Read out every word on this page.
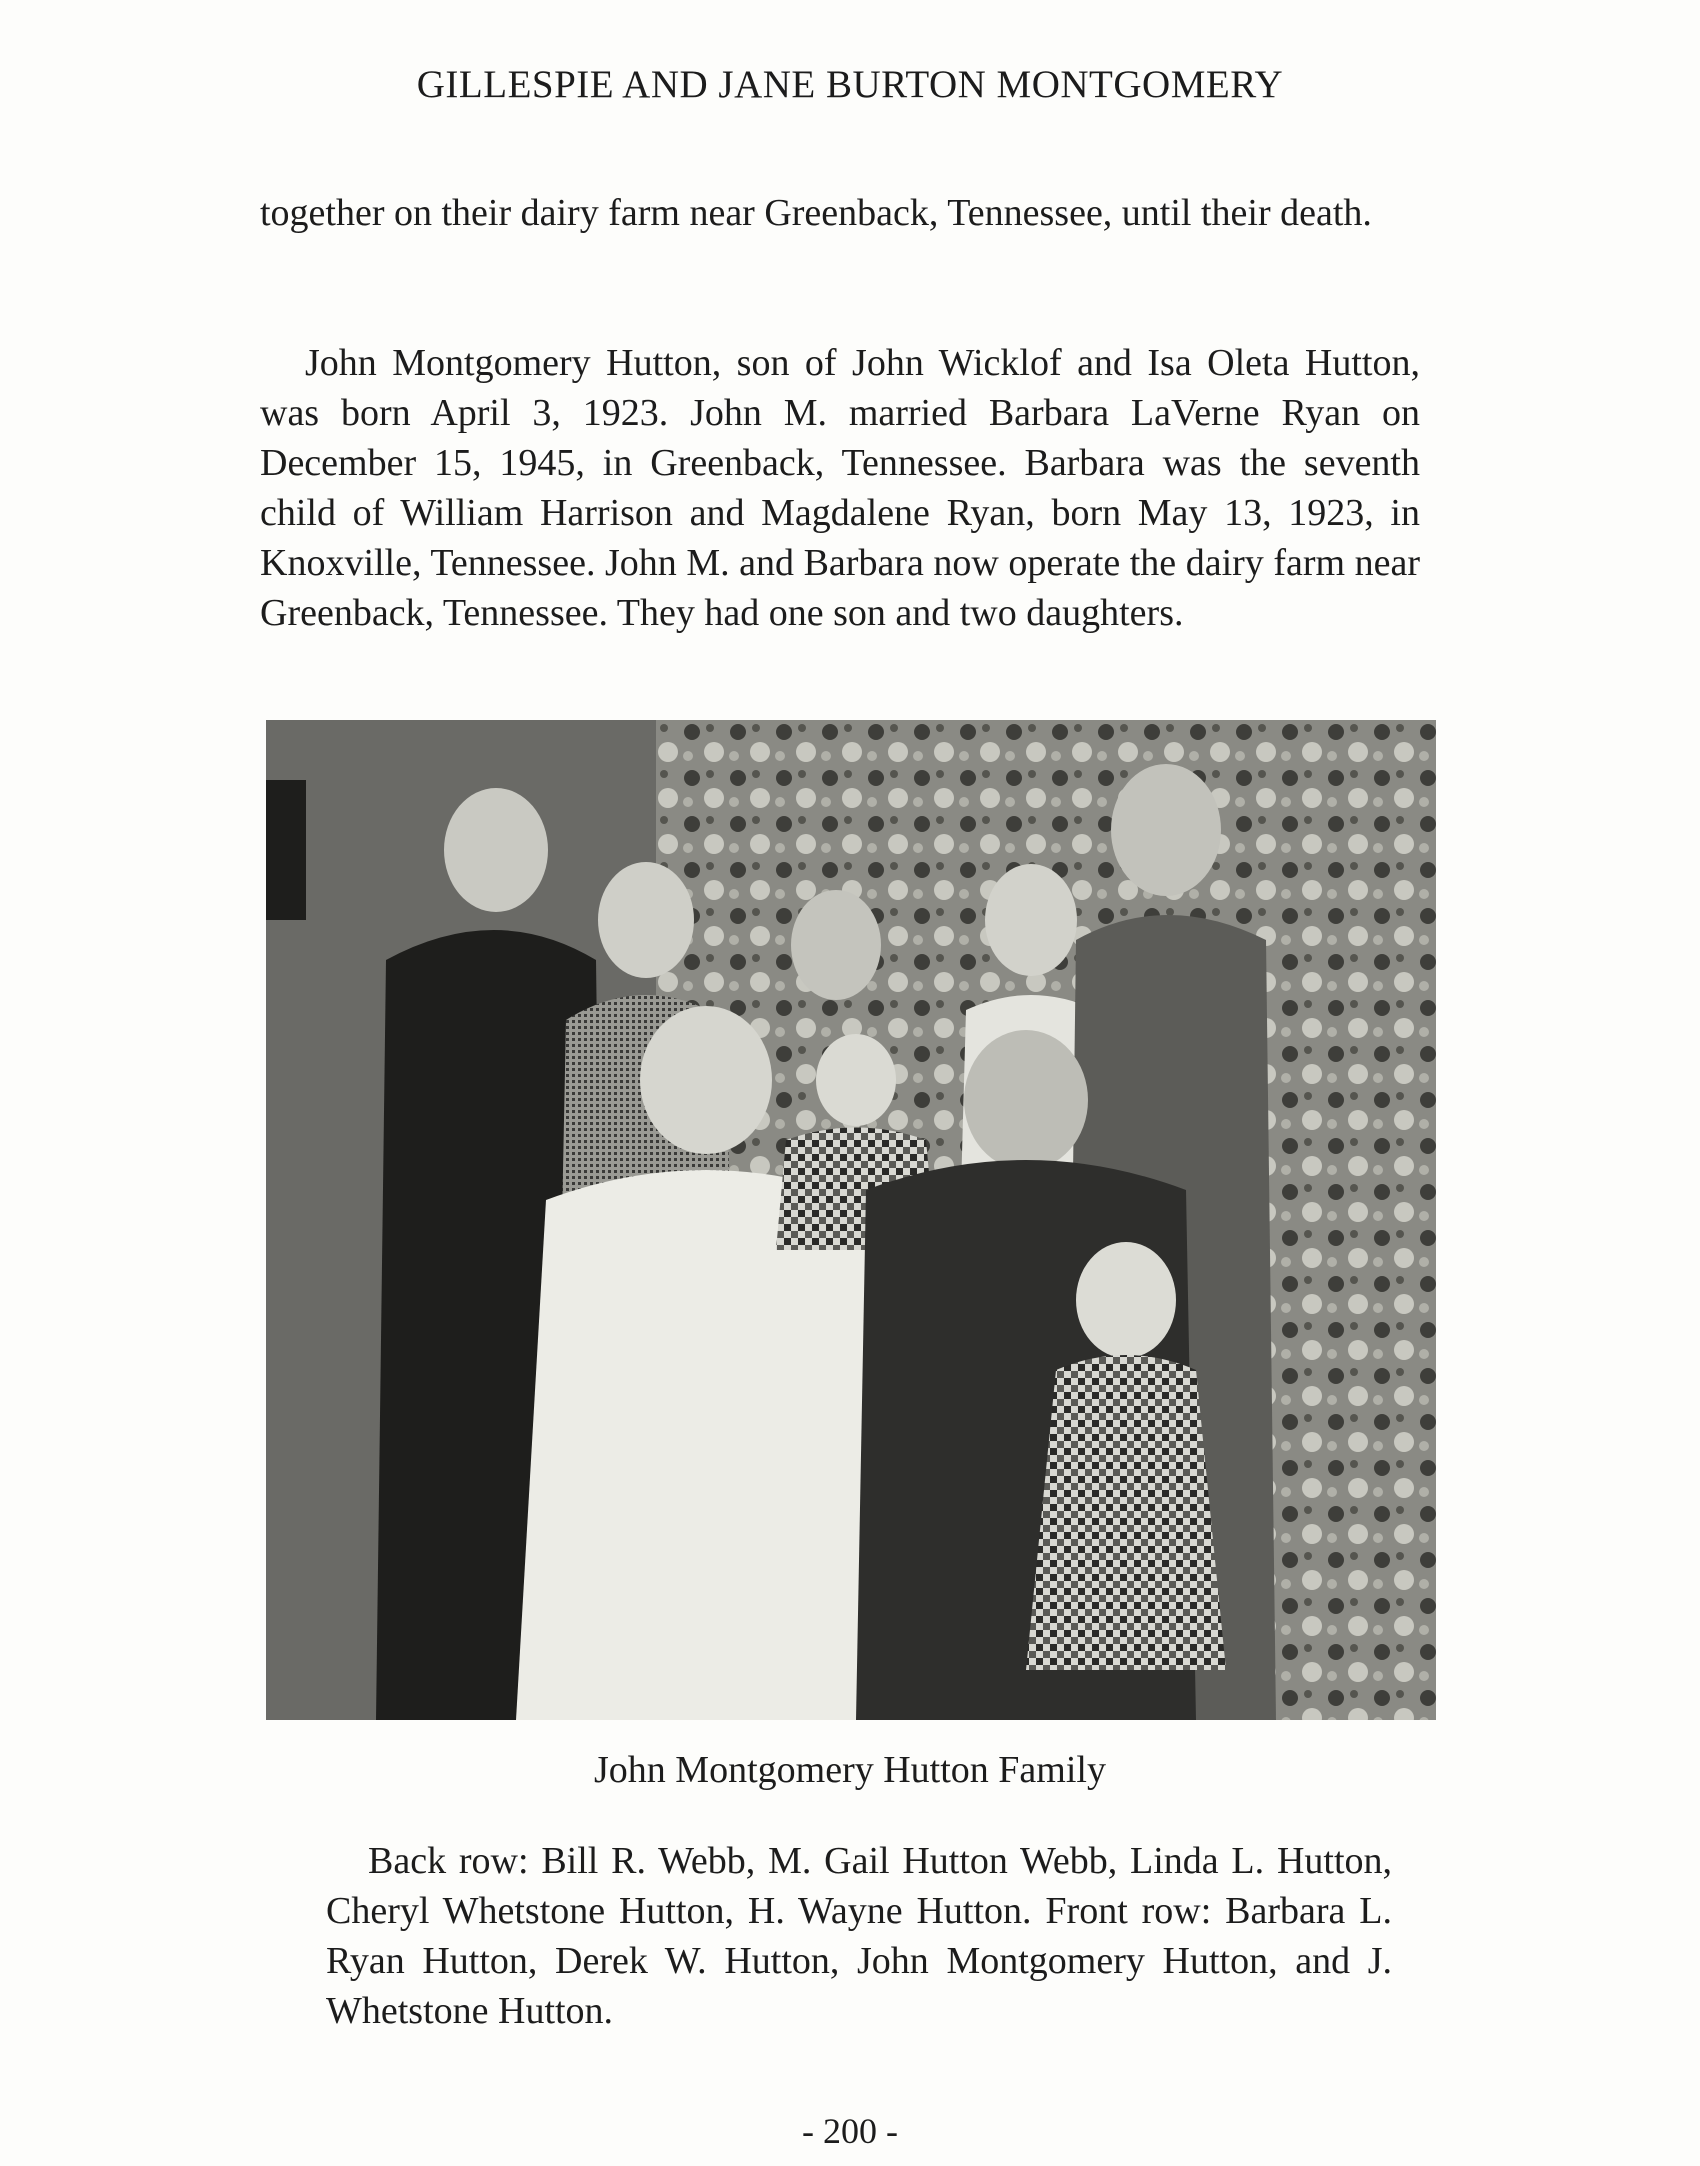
GILLESPIE AND JANE BURTON MONTGOMERY

together on their dairy farm near Greenback, Tennessee, until their death.

John Montgomery Hutton, son of John Wicklof and Isa Oleta Hutton, was born April 3, 1923. John M. married Barbara LaVerne Ryan on December 15, 1945, in Greenback, Tennessee. Barbara was the seventh child of William Harrison and Magdalene Ryan, born May 13, 1923, in Knoxville, Tennessee. John M. and Barbara now operate the dairy farm near Greenback, Tennessee. They had one son and two daughters.

John Montgomery Hutton Family

Back row: Bill R. Webb, M. Gail Hutton Webb, Linda L. Hutton, Cheryl Whetstone Hutton, H. Wayne Hutton. Front row: Barbara L. Ryan Hutton, Derek W. Hutton, John Montgomery Hutton, and J. Whetstone Hutton.

- 200 -
